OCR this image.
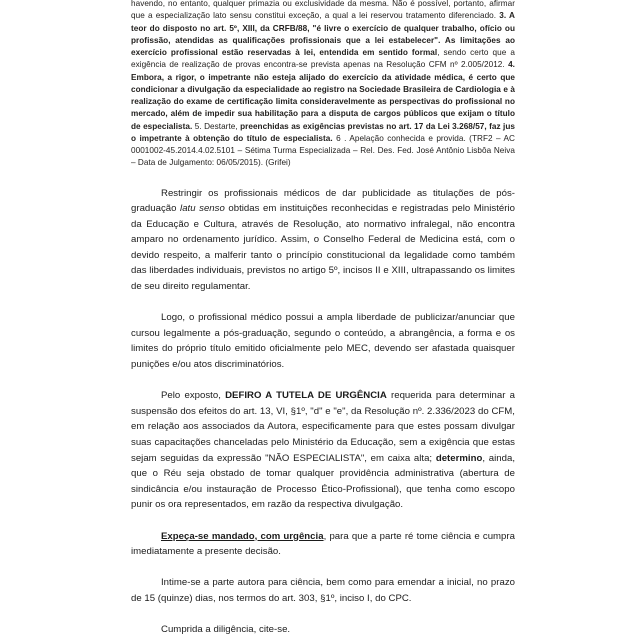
havendo, no entanto, qualquer primazia ou exclusividade da mesma. Não é possível, portanto, afirmar que a especialização lato sensu constitui exceção, a qual a lei reservou tratamento diferenciado. 3. A teor do disposto no art. 5º, XIII, da CRFB/88, "é livre o exercício de qualquer trabalho, ofício ou profissão, atendidas as qualificações profissionais que a lei estabelecer". As limitações ao exercício profissional estão reservadas à lei, entendida em sentido formal, sendo certo que a exigência de realização de provas encontra-se prevista apenas na Resolução CFM nº 2.005/2012. 4. Embora, a rigor, o impetrante não esteja alijado do exercício da atividade médica, é certo que condicionar a divulgação da especialidade ao registro na Sociedade Brasileira de Cardiologia e à realização do exame de certificação limita consideravelmente as perspectivas do profissional no mercado, além de impedir sua habilitação para a disputa de cargos públicos que exijam o título de especialista. 5. Destarte, preenchidas as exigências previstas no art. 17 da Lei 3.268/57, faz jus o impetrante à obtenção do título de especialista. 6 . Apelação conhecida e provida. (TRF2 – AC 0001002-45.2014.4.02.5101 – Sétima Turma Especializada – Rel. Des. Fed. José Antônio Lisbôa Neiva – Data de Julgamento: 06/05/2015). (Grifei)

Restringir os profissionais médicos de dar publicidade as titulações de pós-graduação latu senso obtidas em instituições reconhecidas e registradas pelo Ministério da Educação e Cultura, através de Resolução, ato normativo infralegal, não encontra amparo no ordenamento jurídico. Assim, o Conselho Federal de Medicina está, com o devido respeito, a malferir tanto o princípio constitucional da legalidade como também das liberdades individuais, previstos no artigo 5º, incisos II e XIII, ultrapassando os limites de seu direito regulamentar.

Logo, o profissional médico possui a ampla liberdade de publicizar/anunciar que cursou legalmente a pós-graduação, segundo o conteúdo, a abrangência, a forma e os limites do próprio título emitido oficialmente pelo MEC, devendo ser afastada quaisquer punições e/ou atos discriminatórios.

Pelo exposto, DEFIRO A TUTELA DE URGÊNCIA requerida para determinar a suspensão dos efeitos do art. 13, VI, §1º, "d" e "e", da Resolução nº. 2.336/2023 do CFM, em relação aos associados da Autora, especificamente para que estes possam divulgar suas capacitações chanceladas pelo Ministério da Educação, sem a exigência que estas sejam seguidas da expressão "NÃO ESPECIALISTA", em caixa alta; determino, ainda, que o Réu seja obstado de tomar qualquer providência administrativa (abertura de sindicância e/ou instauração de Processo Ético-Profissional), que tenha como escopo punir os ora representados, em razão da respectiva divulgação.

Expeça-se mandado, com urgência, para que a parte ré tome ciência e cumpra imediatamente a presente decisão.

Intime-se a parte autora para ciência, bem como para emendar a inicial, no prazo de 15 (quinze) dias, nos termos do art. 303, §1º, inciso I, do CPC.

Cumprida a diligência, cite-se.
